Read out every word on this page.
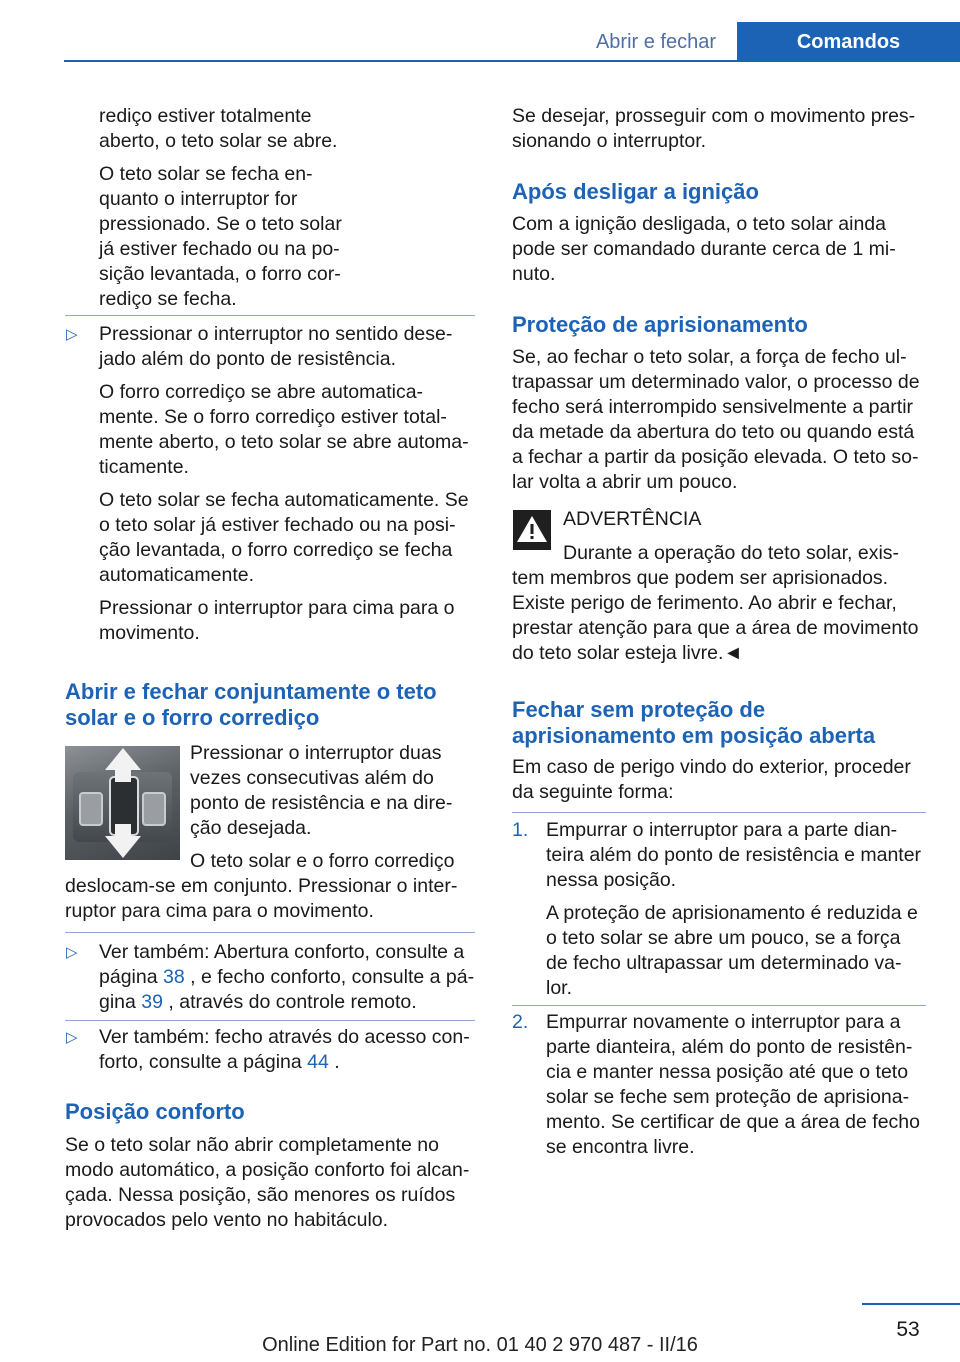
Abrir e fechar	Comandos

rediço estiver totalmente

aberto, o teto solar se abre.

O teto solar se fecha en-

quanto o interruptor for

pressionado. Se o teto solar

já estiver fechado ou na po-

sição levantada, o forro cor-

rediço se fecha.

▷ Pressionar o interruptor no sentido dese-

jado além do ponto de resistência.

O forro corrediço se abre automatica-

mente. Se o forro corrediço estiver total-

mente aberto, o teto solar se abre automa-

ticamente.

O teto solar se fecha automaticamente. Se

o teto solar já estiver fechado ou na posi-

ção levantada, o forro corrediço se fecha

automaticamente.

Pressionar o interruptor para cima para o

movimento.

Abrir e fechar conjuntamente o teto
solar e o forro corrediço

Pressionar o interruptor duas

vezes consecutivas além do

ponto de resistência e na dire-

ção desejada.

O teto solar e o forro corrediço

deslocam-se em conjunto. Pressionar o inter-

ruptor para cima para o movimento.

▷ Ver também: Abertura conforto, consulte a

página 38 , e fecho conforto, consulte a pá-

gina 39 , através do controle remoto.

▷ Ver também: fecho através do acesso con-

forto, consulte a página 44 .

Posição conforto

Se o teto solar não abrir completamente no

modo automático, a posição conforto foi alcan-

çada. Nessa posição, são menores os ruídos

provocados pelo vento no habitáculo.

Se desejar, prosseguir com o movimento pres-

sionando o interruptor.

Após desligar a ignição

Com a ignição desligada, o teto solar ainda

pode ser comandado durante cerca de 1 mi-

nuto.

Proteção de aprisionamento

Se, ao fechar o teto solar, a força de fecho ul-

trapassar um determinado valor, o processo de

fecho será interrompido sensivelmente a partir

da metade da abertura do teto ou quando está

a fechar a partir da posição elevada. O teto so-

lar volta a abrir um pouco.

ADVERTÊNCIA

Durante a operação do teto solar, exis-

tem membros que podem ser aprisionados.

Existe perigo de ferimento. Ao abrir e fechar,

prestar atenção para que a área de movimento

do teto solar esteja livre.◄

Fechar sem proteção de
aprisionamento em posição aberta

Em caso de perigo vindo do exterior, proceder

da seguinte forma:

1. Empurrar o interruptor para a parte dian-

teira além do ponto de resistência e manter

nessa posição.

A proteção de aprisionamento é reduzida e

o teto solar se abre um pouco, se a força

de fecho ultrapassar um determinado va-

lor.

2. Empurrar novamente o interruptor para a

parte dianteira, além do ponto de resistên-

cia e manter nessa posição até que o teto

solar se feche sem proteção de aprisiona-

mento. Se certificar de que a área de fecho

se encontra livre.

53
Online Edition for Part no. 01 40 2 970 487 - II/16
